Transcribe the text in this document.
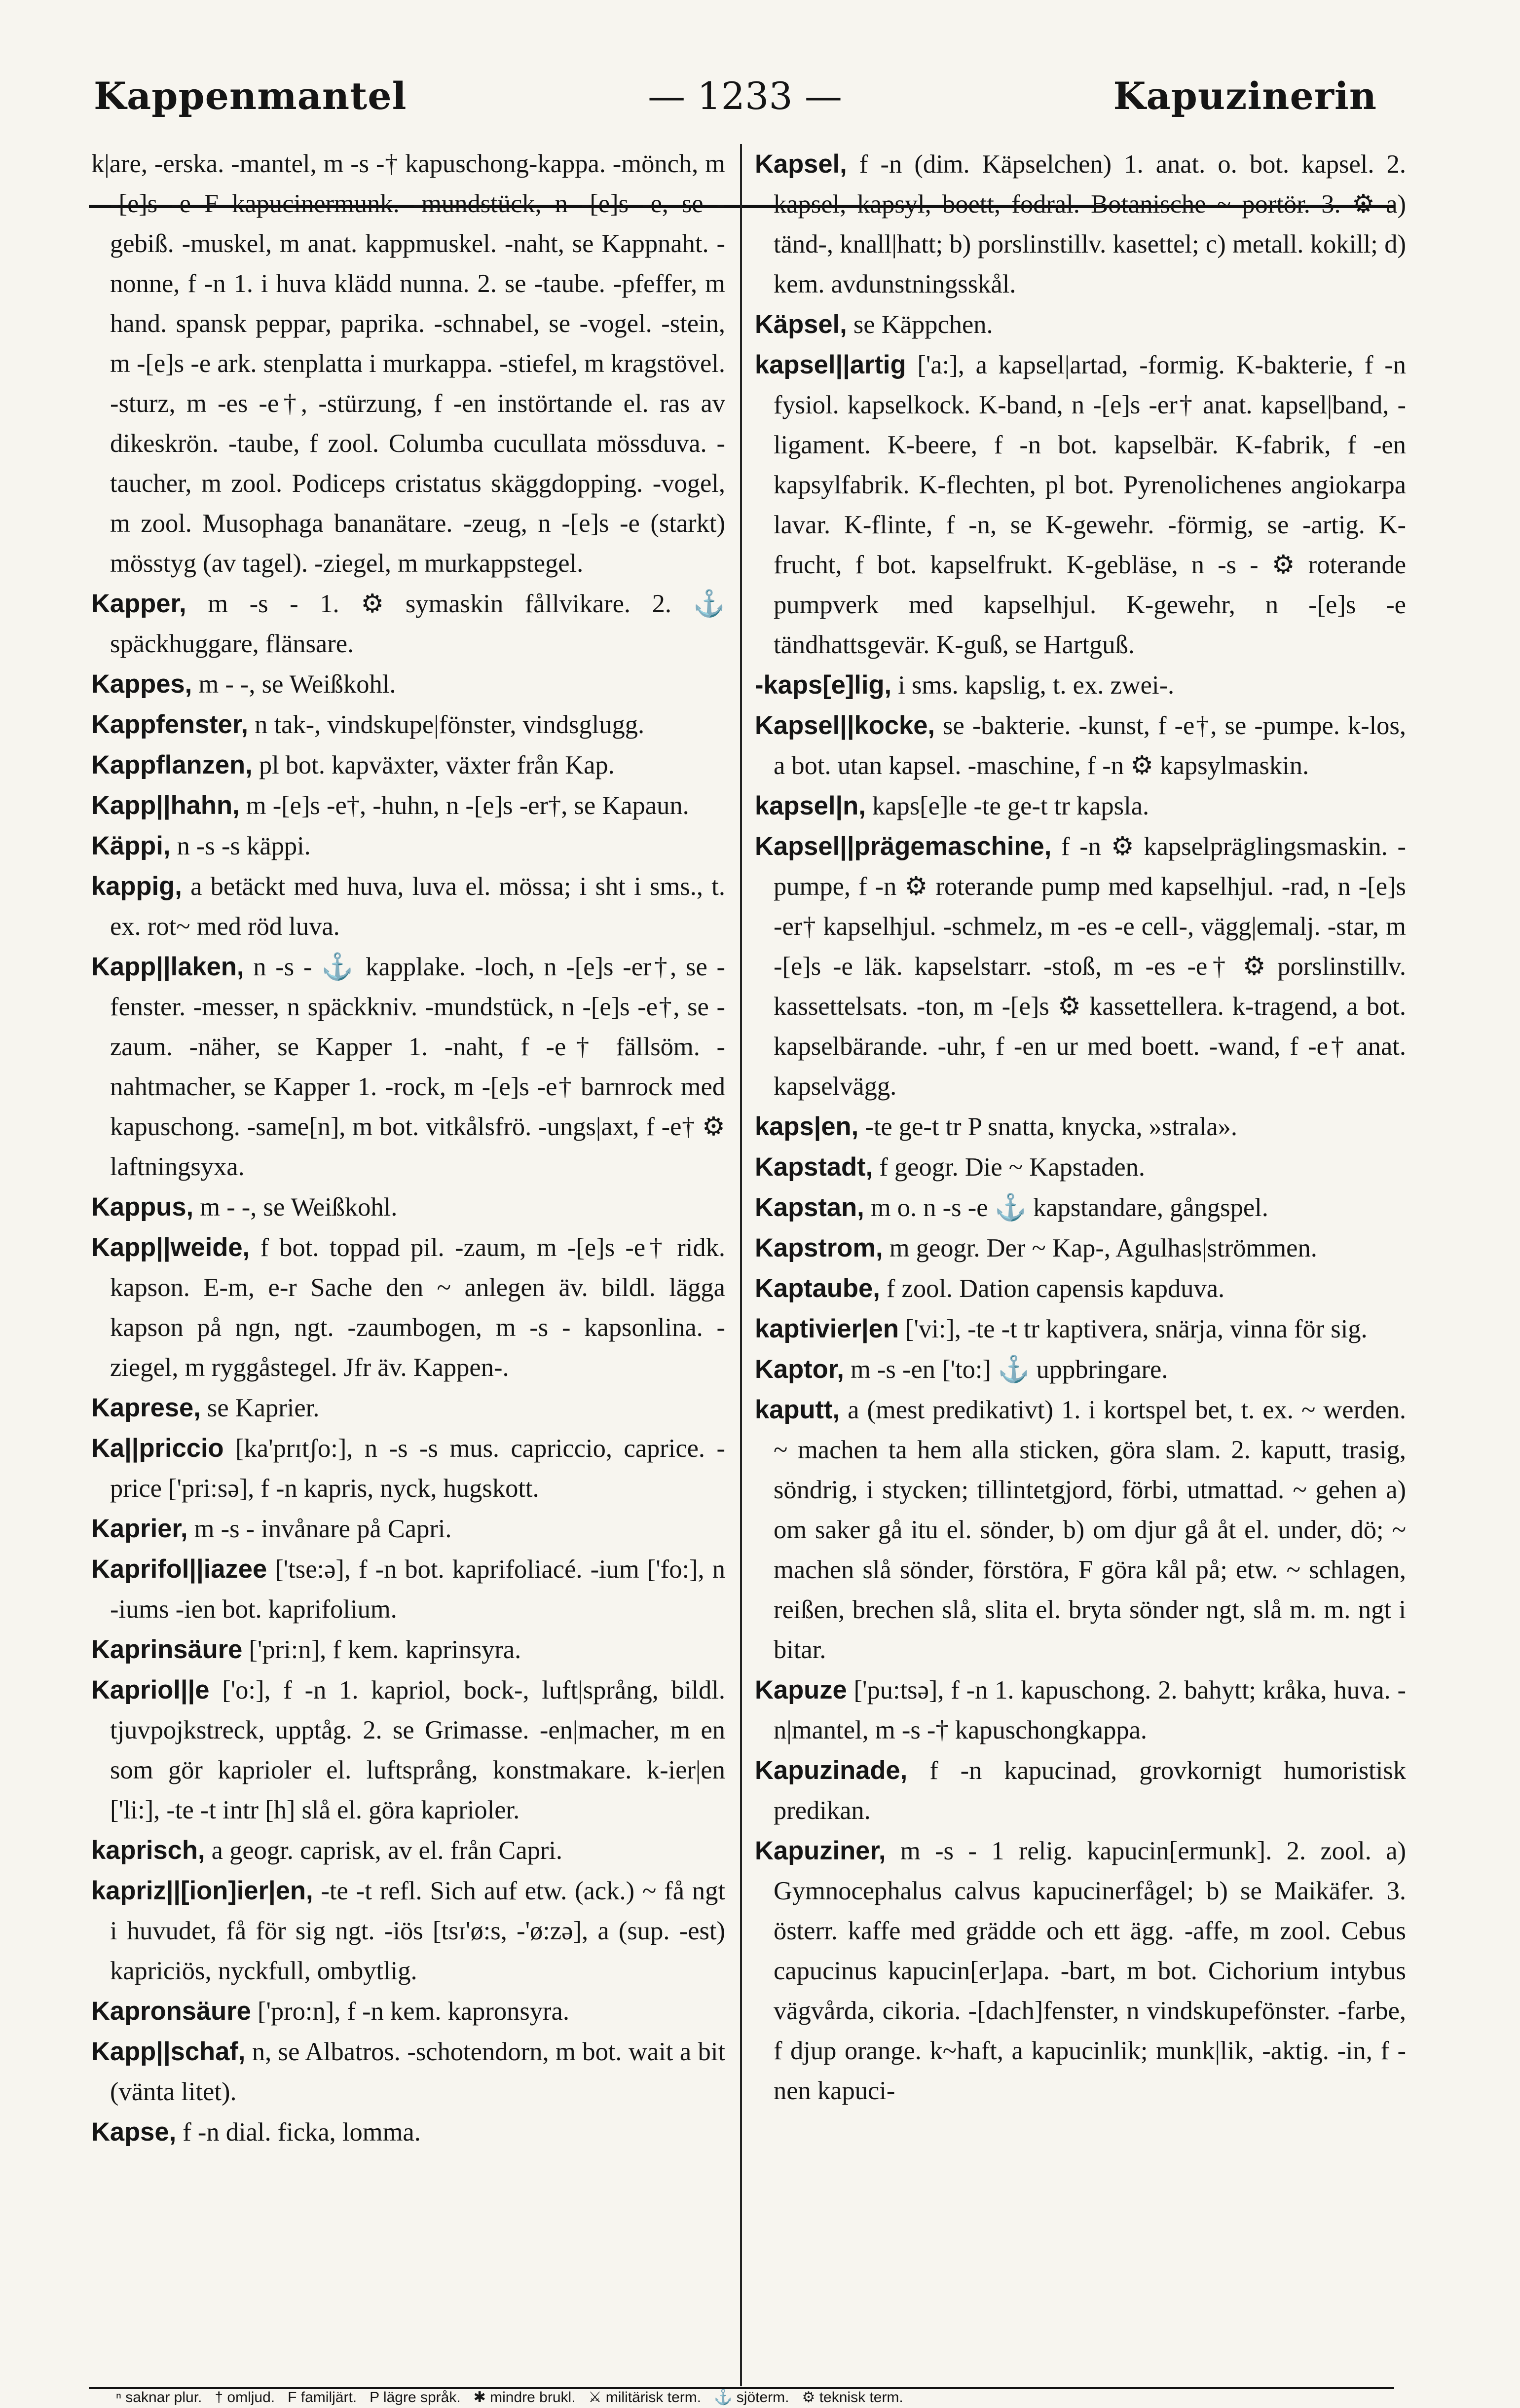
Kappenmantel	— 1233 —	Kapuzinerin

k|are, -erska. -mantel, m -s -† kapuschong-kappa. -mönch, m -[e]s -e F kapucinermunk. -mundstück, n -[e]s -e, se -gebiß. -muskel, m anat. kappmuskel. -naht, se Kappnaht. -nonne, f -n 1. i huva klädd nunna. 2. se -taube. -pfeffer, m hand. spansk peppar, paprika. -schnabel, se -vogel. -stein, m -[e]s -e ark. stenplatta i murkappa. -stiefel, m kragstövel. -sturz, m -es -e†, -stürzung, f -en instörtande el. ras av dikeskrön. -taube, f zool. Columba cucullata mössduva. -taucher, m zool. Podiceps cristatus skäggdopping. -vogel, m zool. Musophaga bananätare. -zeug, n -[e]s -e (starkt) mösstyg (av tagel). -ziegel, m murkappstegel.

Kapper, m -s - 1. ⚙ symaskin fållvikare. 2. ⚓ späckhuggare, flänsare.

Kappes, m - -, se Weißkohl.

Kappfenster, n tak-, vindskupe|fönster, vindsglugg.

Kappflanzen, pl bot. kapväxter, växter från Kap.

Kapp||hahn, m -[e]s -e†, -huhn, n -[e]s -er†, se Kapaun.

Käppi, n -s -s käppi.

kappig, a betäckt med huva, luva el. mössa; i sht i sms., t. ex. rot~ med röd luva.

Kapp||laken, n -s - ⚓ kapplake. -loch, n -[e]s -er†, se -fenster. -messer, n späckkniv. -mundstück, n -[e]s -e†, se -zaum. -näher, se Kapper 1. -naht, f -e† fällsöm. -nahtmacher, se Kapper 1. -rock, m -[e]s -e† barnrock med kapuschong. -same[n], m bot. vitkålsfrö. -ungs|axt, f -e† ⚙ laftningsyxa.

Kappus, m - -, se Weißkohl.

Kapp||weide, f bot. toppad pil. -zaum, m -[e]s -e† ridk. kapson. E-m, e-r Sache den ~ anlegen äv. bildl. lägga kapson på ngn, ngt. -zaumbogen, m -s - kapsonlina. -ziegel, m ryggåstegel. Jfr äv. Kappen-.

Kaprese, se Kaprier.

Ka||priccio [ka'prɪtʃo:], n -s -s mus. capriccio, caprice. -price ['pri:sə], f -n kapris, nyck, hugskott.

Kaprier, m -s - invånare på Capri.

Kaprifol||iazee ['tse:ə], f -n bot. kaprifoliacé. -ium ['fo:], n -iums -ien bot. kaprifolium.

Kaprinsäure ['pri:n], f kem. kaprinsyra.

Kapriol||e ['o:], f -n 1. kapriol, bock-, luft|språng, bildl. tjuvpojkstreck, upptåg. 2. se Grimasse. -en|macher, m en som gör kaprioler el. luftsprång, konstmakare. k-ier|en ['li:], -te -t intr [h] slå el. göra kaprioler.

kaprisch, a geogr. caprisk, av el. från Capri.

kapriz||[ion]ier|en, -te -t refl. Sich auf etw. (ack.) ~ få ngt i huvudet, få för sig ngt. -iös [tsɪ'ø:s, -'ø:zə], a (sup. -est) kapriciös, nyckfull, ombytlig.

Kapronsäure ['pro:n], f -n kem. kapronsyra.

Kapp||schaf, n, se Albatros. -schotendorn, m bot. wait a bit (vänta litet).

Kapse, f -n dial. ficka, lomma.

Kapsel, f -n (dim. Käpselchen) 1. anat. o. bot. kapsel. 2. kapsel, kapsyl, boett, fodral. Botanische ~ portör. 3. ⚙ a) tänd-, knall|hatt; b) porslinstillv. kasettel; c) metall. kokill; d) kem. avdunstningsskål.

Käpsel, se Käppchen.

kapsel||artig ['a:], a kapsel|artad, -formig. K-bakterie, f -n fysiol. kapselkock. K-band, n -[e]s -er† anat. kapsel|band, -ligament. K-beere, f -n bot. kapselbär. K-fabrik, f -en kapsylfabrik. K-flechten, pl bot. Pyrenolichenes angiokarpa lavar. K-flinte, f -n, se K-gewehr. -förmig, se -artig. K-frucht, f bot. kapselfrukt. K-gebläse, n -s - ⚙ roterande pumpverk med kapselhjul. K-gewehr, n -[e]s -e tändhattsgevär. K-guß, se Hartguß.

-kaps[e]lig, i sms. kapslig, t. ex. zwei-.

Kapsel||kocke, se -bakterie. -kunst, f -e†, se -pumpe. k-los, a bot. utan kapsel. -maschine, f -n ⚙ kapsylmaskin.

kapsel|n, kaps[e]le -te ge-t tr kapsla.

Kapsel||prägemaschine, f -n ⚙ kapselpräglingsmaskin. -pumpe, f -n ⚙ roterande pump med kapselhjul. -rad, n -[e]s -er† kapselhjul. -schmelz, m -es -e cell-, vägg|emalj. -star, m -[e]s -e läk. kapselstarr. -stoß, m -es -e† ⚙ porslinstillv. kassettelsats. -ton, m -[e]s ⚙ kassettellera. k-tragend, a bot. kapselbärande. -uhr, f -en ur med boett. -wand, f -e† anat. kapselvägg.

kaps|en, -te ge-t tr P snatta, knycka, »strala».

Kapstadt, f geogr. Die ~ Kapstaden.

Kapstan, m o. n -s -e ⚓ kapstandare, gångspel.

Kapstrom, m geogr. Der ~ Kap-, Agulhas|strömmen.

Kaptaube, f zool. Dation capensis kapduva.

kaptivier|en ['vi:], -te -t tr kaptivera, snärja, vinna för sig.

Kaptor, m -s -en ['to:] ⚓ uppbringare.

kaputt, a (mest predikativt) 1. i kortspel bet, t. ex. ~ werden. ~ machen ta hem alla sticken, göra slam. 2. kaputt, trasig, söndrig, i stycken; tillintetgjord, förbi, utmattad. ~ gehen a) om saker gå itu el. sönder, b) om djur gå åt el. under, dö; ~ machen slå sönder, förstöra, F göra kål på; etw. ~ schlagen, reißen, brechen slå, slita el. bryta sönder ngt, slå m. m. ngt i bitar.

Kapuze ['pu:tsə], f -n 1. kapuschong. 2. bahytt; kråka, huva. -n|mantel, m -s -† kapuschongkappa.

Kapuzinade, f -n kapucinad, grovkornigt humoristisk predikan.

Kapuziner, m -s - 1 relig. kapucin[ermunk]. 2. zool. a) Gymnocephalus calvus kapucinerfågel; b) se Maikäfer. 3. österr. kaffe med grädde och ett ägg. -affe, m zool. Cebus capucinus kapucin[er]apa. -bart, m bot. Cichorium intybus vägvårda, cikoria. -[dach]fenster, n vindskupefönster. -farbe, f djup orange. k~haft, a kapucinlik; munk|lik, -aktig. -in, f -nen kapuci-

ⁿ saknar plur. † omljud. F familjärt. P lägre språk. ✱ mindre brukl. ⚔ militärisk term. ⚓ sjöterm. ⚙ teknisk term.
